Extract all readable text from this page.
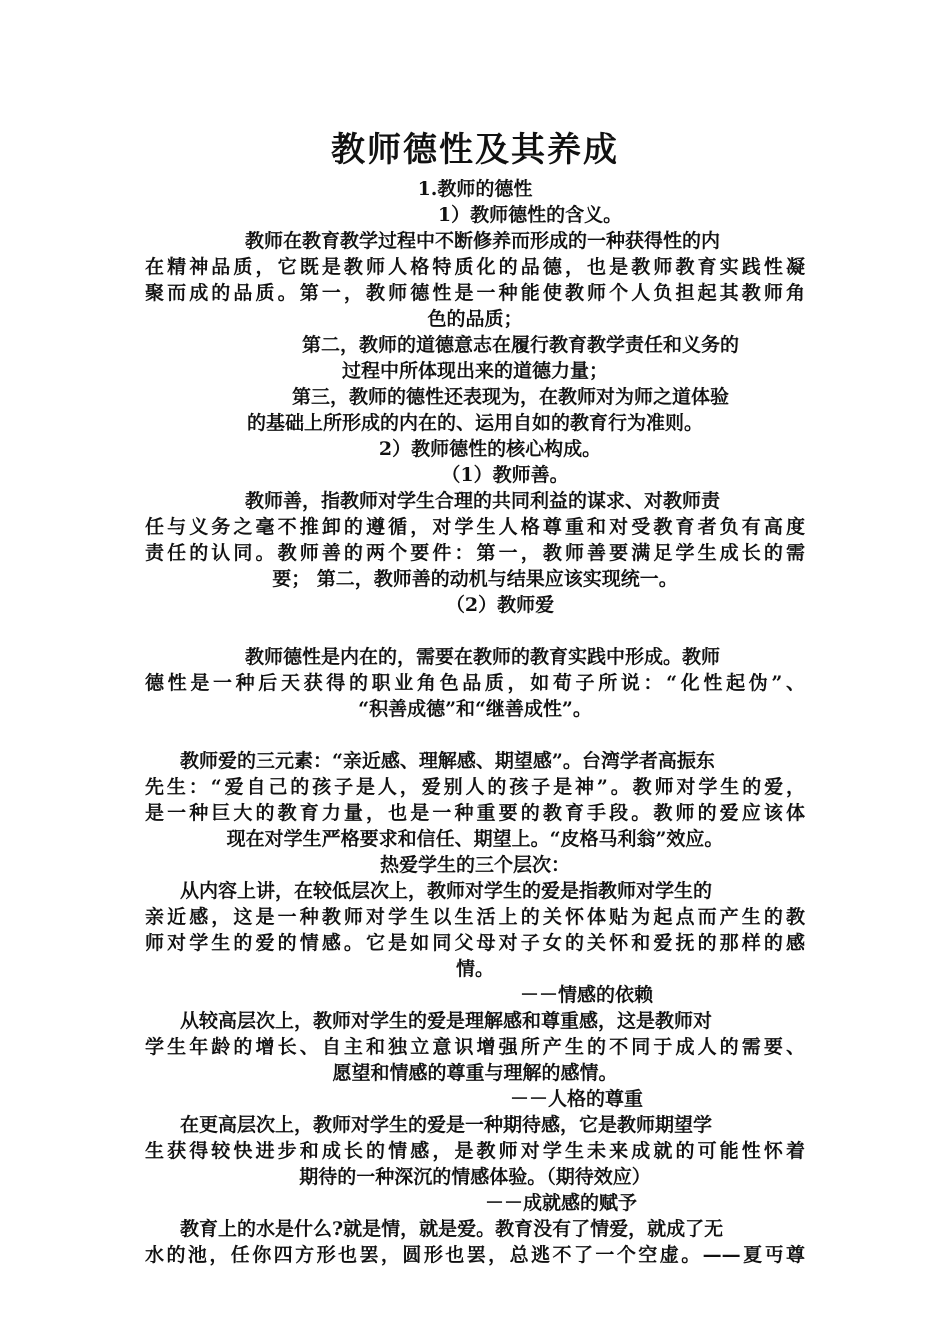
教师德性及其养成
1.教师的德性
1）教师德性的含义。
教师在教育教学过程中不断修养而形成的一种获得性的内
在精神品质，它既是教师人格特质化的品德，也是教师教育实践性凝
聚而成的品质。第一，教师德性是一种能使教师个人负担起其教师角
色的品质；
第二，教师的道德意志在履行教育教学责任和义务的
过程中所体现出来的道德力量；
第三，教师的德性还表现为，在教师对为师之道体验
的基础上所形成的内在的、运用自如的教育行为准则。
2）教师德性的核心构成。
（1）教师善。
教师善，指教师对学生合理的共同利益的谋求、对教师责
任与义务之毫不推卸的遵循，对学生人格尊重和对受教育者负有高度
责任的认同。教师善的两个要件：第一，教师善要满足学生成长的需
要； 第二，教师善的动机与结果应该实现统一。
（2）教师爱
教师德性是内在的，需要在教师的教育实践中形成。教师
德性是一种后天获得的职业角色品质，如荀子所说：“化性起伪”、
“积善成德”和“继善成性”。
教师爱的三元素：“亲近感、理解感、期望感”。台湾学者高振东
先生：“爱自己的孩子是人，爱别人的孩子是神”。教师对学生的爱，
是一种巨大的教育力量，也是一种重要的教育手段。教师的爱应该体
现在对学生严格要求和信任、期望上。“皮格马利翁”效应。
热爱学生的三个层次：
从内容上讲，在较低层次上，教师对学生的爱是指教师对学生的
亲近感，这是一种教师对学生以生活上的关怀体贴为起点而产生的教
师对学生的爱的情感。它是如同父母对子女的关怀和爱抚的那样的感
情。
－－情感的依赖
从较高层次上，教师对学生的爱是理解感和尊重感，这是教师对
学生年龄的增长、自主和独立意识增强所产生的不同于成人的需要、
愿望和情感的尊重与理解的感情。
－－人格的尊重
在更高层次上，教师对学生的爱是一种期待感，它是教师期望学
生获得较快进步和成长的情感，是教师对学生未来成就的可能性怀着
期待的一种深沉的情感体验。（期待效应）
－－成就感的赋予
教育上的水是什么?就是情，就是爱。教育没有了情爱，就成了无
水的池，任你四方形也罢，圆形也罢，总逃不了一个空虚。——夏丏尊
